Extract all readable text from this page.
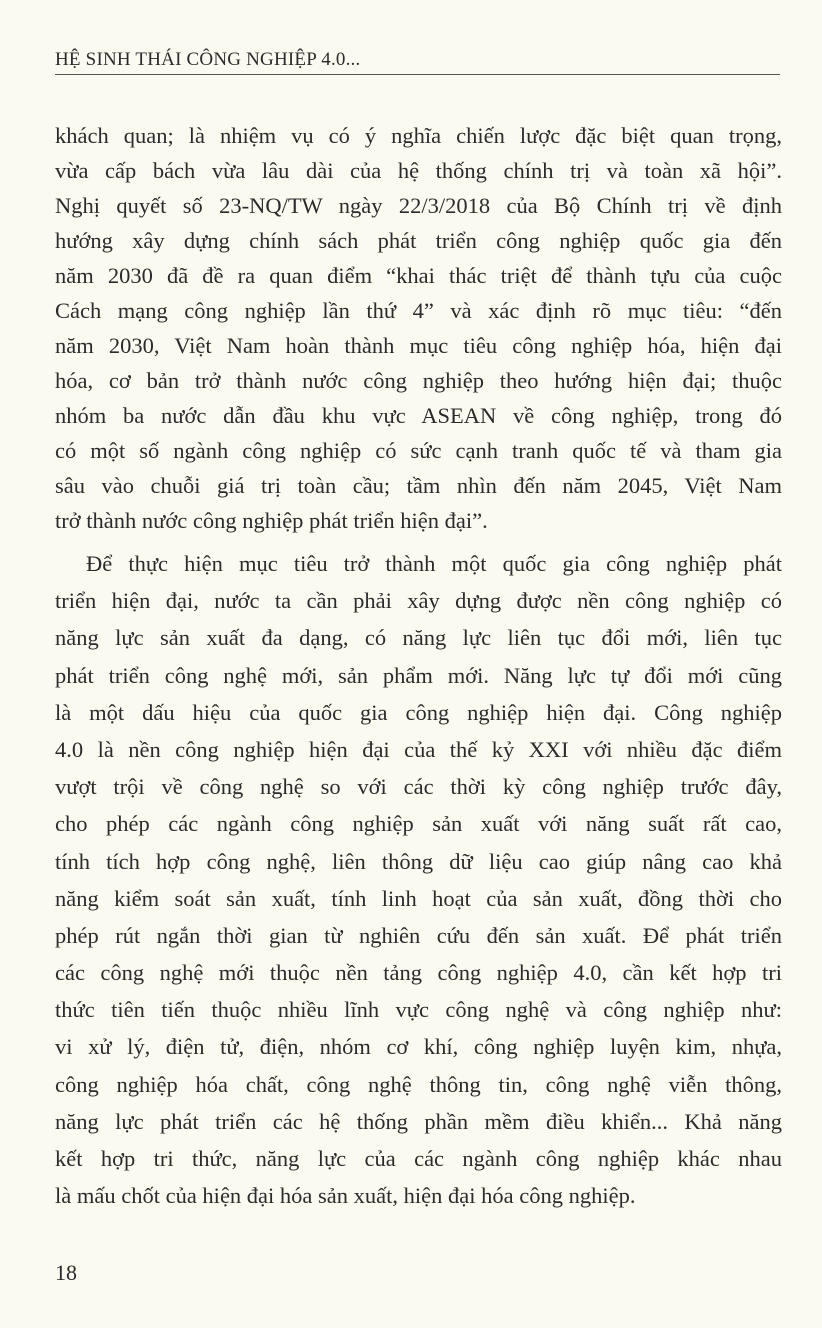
HỆ SINH THÁI CÔNG NGHIỆP 4.0...
khách quan; là nhiệm vụ có ý nghĩa chiến lược đặc biệt quan trọng,
vừa cấp bách vừa lâu dài của hệ thống chính trị và toàn xã hội”.
Nghị quyết số 23-NQ/TW ngày 22/3/2018 của Bộ Chính trị về định
hướng xây dựng chính sách phát triển công nghiệp quốc gia đến
năm 2030 đã đề ra quan điểm “khai thác triệt để thành tựu của cuộc
Cách mạng công nghiệp lần thứ 4” và xác định rõ mục tiêu: “đến
năm 2030, Việt Nam hoàn thành mục tiêu công nghiệp hóa, hiện đại
hóa, cơ bản trở thành nước công nghiệp theo hướng hiện đại; thuộc
nhóm ba nước dẫn đầu khu vực ASEAN về công nghiệp, trong đó
có một số ngành công nghiệp có sức cạnh tranh quốc tế và tham gia
sâu vào chuỗi giá trị toàn cầu; tầm nhìn đến năm 2045, Việt Nam
trở thành nước công nghiệp phát triển hiện đại”.
Để thực hiện mục tiêu trở thành một quốc gia công nghiệp phát
triển hiện đại, nước ta cần phải xây dựng được nền công nghiệp có
năng lực sản xuất đa dạng, có năng lực liên tục đổi mới, liên tục
phát triển công nghệ mới, sản phẩm mới. Năng lực tự đổi mới cũng
là một dấu hiệu của quốc gia công nghiệp hiện đại. Công nghiệp
4.0 là nền công nghiệp hiện đại của thế kỷ XXI với nhiều đặc điểm
vượt trội về công nghệ so với các thời kỳ công nghiệp trước đây,
cho phép các ngành công nghiệp sản xuất với năng suất rất cao,
tính tích hợp công nghệ, liên thông dữ liệu cao giúp nâng cao khả
năng kiểm soát sản xuất, tính linh hoạt của sản xuất, đồng thời cho
phép rút ngắn thời gian từ nghiên cứu đến sản xuất. Để phát triển
các công nghệ mới thuộc nền tảng công nghiệp 4.0, cần kết hợp tri
thức tiên tiến thuộc nhiều lĩnh vực công nghệ và công nghiệp như:
vi xử lý, điện tử, điện, nhóm cơ khí, công nghiệp luyện kim, nhựa,
công nghiệp hóa chất, công nghệ thông tin, công nghệ viễn thông,
năng lực phát triển các hệ thống phần mềm điều khiển... Khả năng
kết hợp tri thức, năng lực của các ngành công nghiệp khác nhau
là mấu chốt của hiện đại hóa sản xuất, hiện đại hóa công nghiệp.
18
